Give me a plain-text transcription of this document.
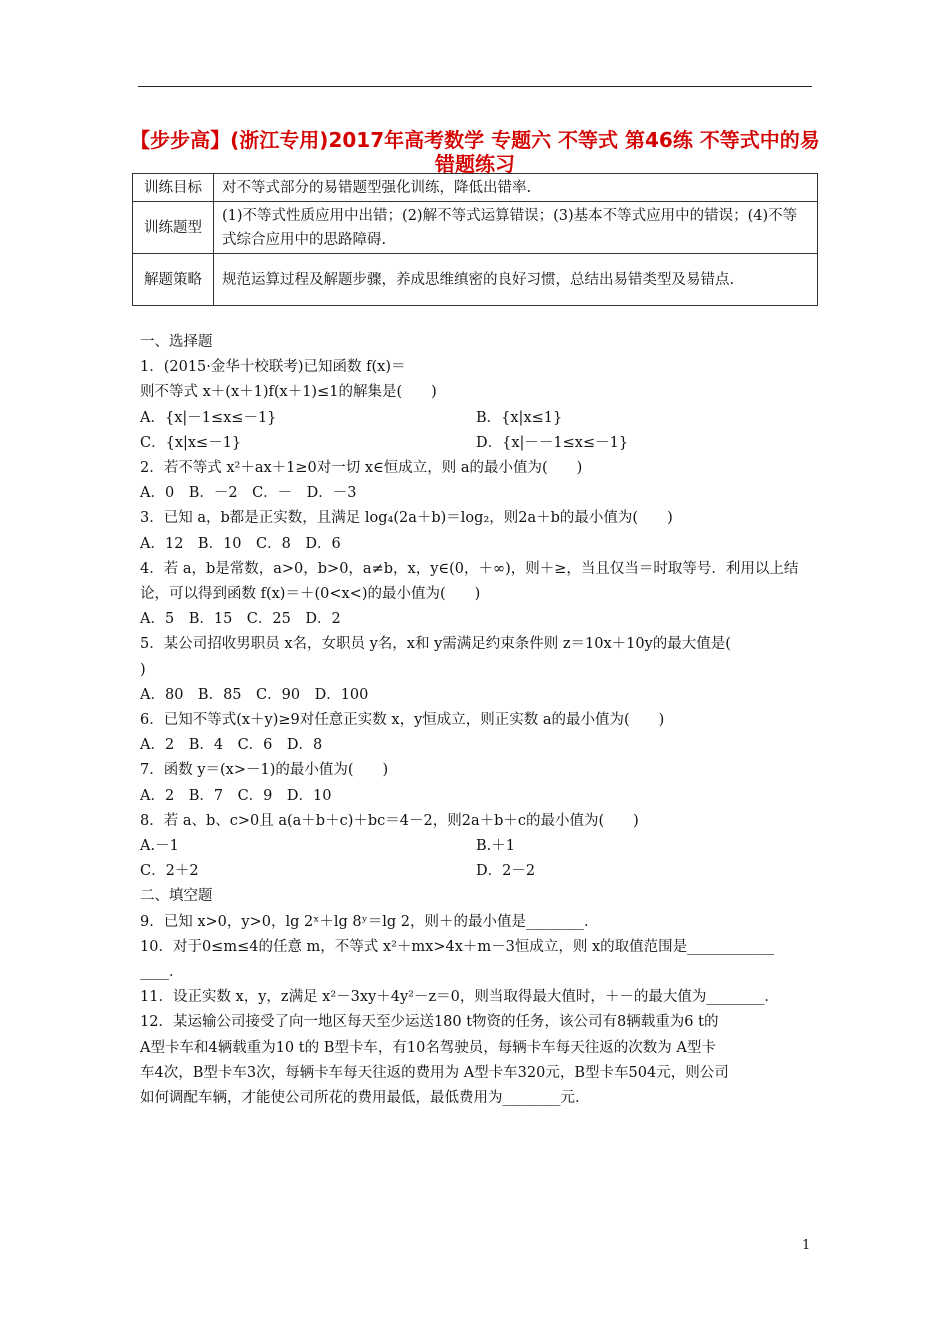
【步步高】(浙江专用)2017年高考数学 专题六 不等式 第46练 不等式中的易错题练习
训练目标	对不等式部分的易错题型强化训练，降低出错率.
训练题型	(1)不等式性质应用中出错；(2)解不等式运算错误；(3)基本不等式应用中的错误；(4)不等式综合应用中的思路障碍.
解题策略	规范运算过程及解题步骤，养成思维缜密的良好习惯，总结出易错类型及易错点.

一、选择题

1．(2015·金华十校联考)已知函数 f(x)＝

则不等式 x＋(x＋1)f(x＋1)≤1的解集是(　　)

A．{x|－1≤x≤－1}	B．{x|x≤1}
C．{x|x≤－1}	D．{x|－－1≤x≤－1}

2．若不等式 x²＋ax＋1≥0对一切 x∈恒成立，则 a的最小值为(　　)

A．0　B．－2　C．－　D．－3

3．已知 a，b都是正实数，且满足 log₄(2a＋b)＝log₂，则2a＋b的最小值为(　　)

A．12　B．10　C．8　D．6

4．若 a，b是常数，a>0，b>0，a≠b，x，y∈(0，＋∞)，则＋≥，当且仅当＝时取等号．利用以上结

论，可以得到函数 f(x)＝＋(0<x<)的最小值为(　　)

A．5　B．15　C．25　D．2

5．某公司招收男职员 x名，女职员 y名，x和 y需满足约束条件则 z＝10x＋10y的最大值是(

)

A．80　B．85　C．90　D．100

6．已知不等式(x＋y)≥9对任意正实数 x，y恒成立，则正实数 a的最小值为(　　)

A．2　B．4　C．6　D．8

7．函数 y＝(x>－1)的最小值为(　　)

A．2　B．7　C．9　D．10

8．若 a、b、c>0且 a(a＋b＋c)＋bc＝4－2，则2a＋b＋c的最小值为(　　)

A.－1	B.＋1
C．2＋2	D．2－2

二、填空题

9．已知 x>0，y>0，lg 2ˣ＋lg 8ʸ＝lg 2，则＋的最小值是________．

10．对于0≤m≤4的任意 m，不等式 x²＋mx>4x＋m－3恒成立，则 x的取值范围是____________

____．

11．设正实数 x，y，z满足 x²－3xy＋4y²－z＝0，则当取得最大值时，＋－的最大值为________．

12．某运输公司接受了向一地区每天至少运送180 t物资的任务，该公司有8辆载重为6 t的

A型卡车和4辆载重为10 t的 B型卡车，有10名驾驶员，每辆卡车每天往返的次数为 A型卡

车4次，B型卡车3次，每辆卡车每天往返的费用为 A型卡车320元，B型卡车504元，则公司

如何调配车辆，才能使公司所花的费用最低，最低费用为________元．

1
